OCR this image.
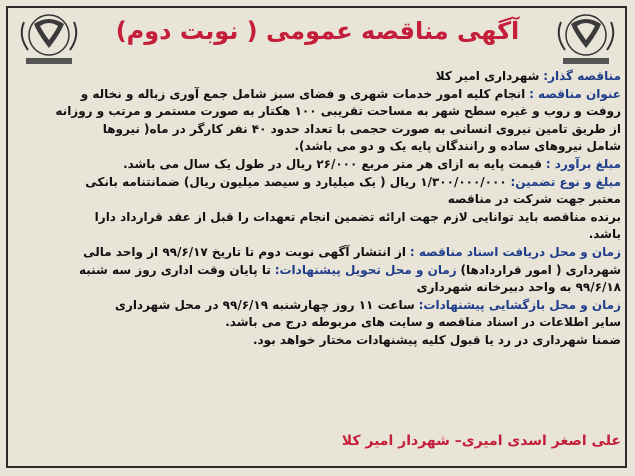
آگهی مناقصه عمومی ( نوبت دوم)
مناقصه گذار: شهرداری امیر کلا
عنوان مناقصه : انجام کلیه امور خدمات شهری و فضای سبز شامل جمع آوری زباله و نخاله و
روفت و روب و غیره سطح شهر به مساحت تقریبی ۱۰۰ هکتار به صورت مستمر و مرتب و روزانه
از طریق تامین نیروی انسانی به صورت حجمی با تعداد حدود ۴۰ نفر کارگر در ماه( نیروها
شامل نیروهای ساده و رانندگان پایه یک و دو می باشد).
مبلغ برآورد : قیمت پایه به ازای هر متر مربع ۲۶/۰۰۰ ریال در طول یک سال می باشد.
مبلغ و نوع تضمین: ۱/۳۰۰/۰۰۰/۰۰۰ ریال ( یک میلیارد و سیصد میلیون ریال) ضمانتنامه بانکی
معتبر جهت شرکت در مناقصه
برنده مناقصه باید توانایی لازم جهت ارائه تضمین انجام تعهدات را قبل از عقد قرارداد دارا
باشد.
زمان و محل دریافت اسناد مناقصه : از انتشار آگهی نوبت دوم تا تاریخ ۹۹/۶/۱۷ از واحد مالی
شهرداری ( امور قراردادها) زمان و محل تحویل پیشنهادات: تا پایان وقت اداری روز سه شنبه
۹۹/۶/۱۸ به واحد دبیرخانه شهرداری
زمان و محل بازگشایی پیشنهادات: ساعت ۱۱ روز چهارشنبه ۹۹/۶/۱۹ در محل شهرداری
سایر اطلاعات در اسناد مناقصه و سایت های مربوطه درج می باشد.
ضمنا شهرداری در رد یا قبول کلیه پیشنهادات مختار خواهد بود.
علی اصغر اسدی امیری– شهردار امیر کلا
